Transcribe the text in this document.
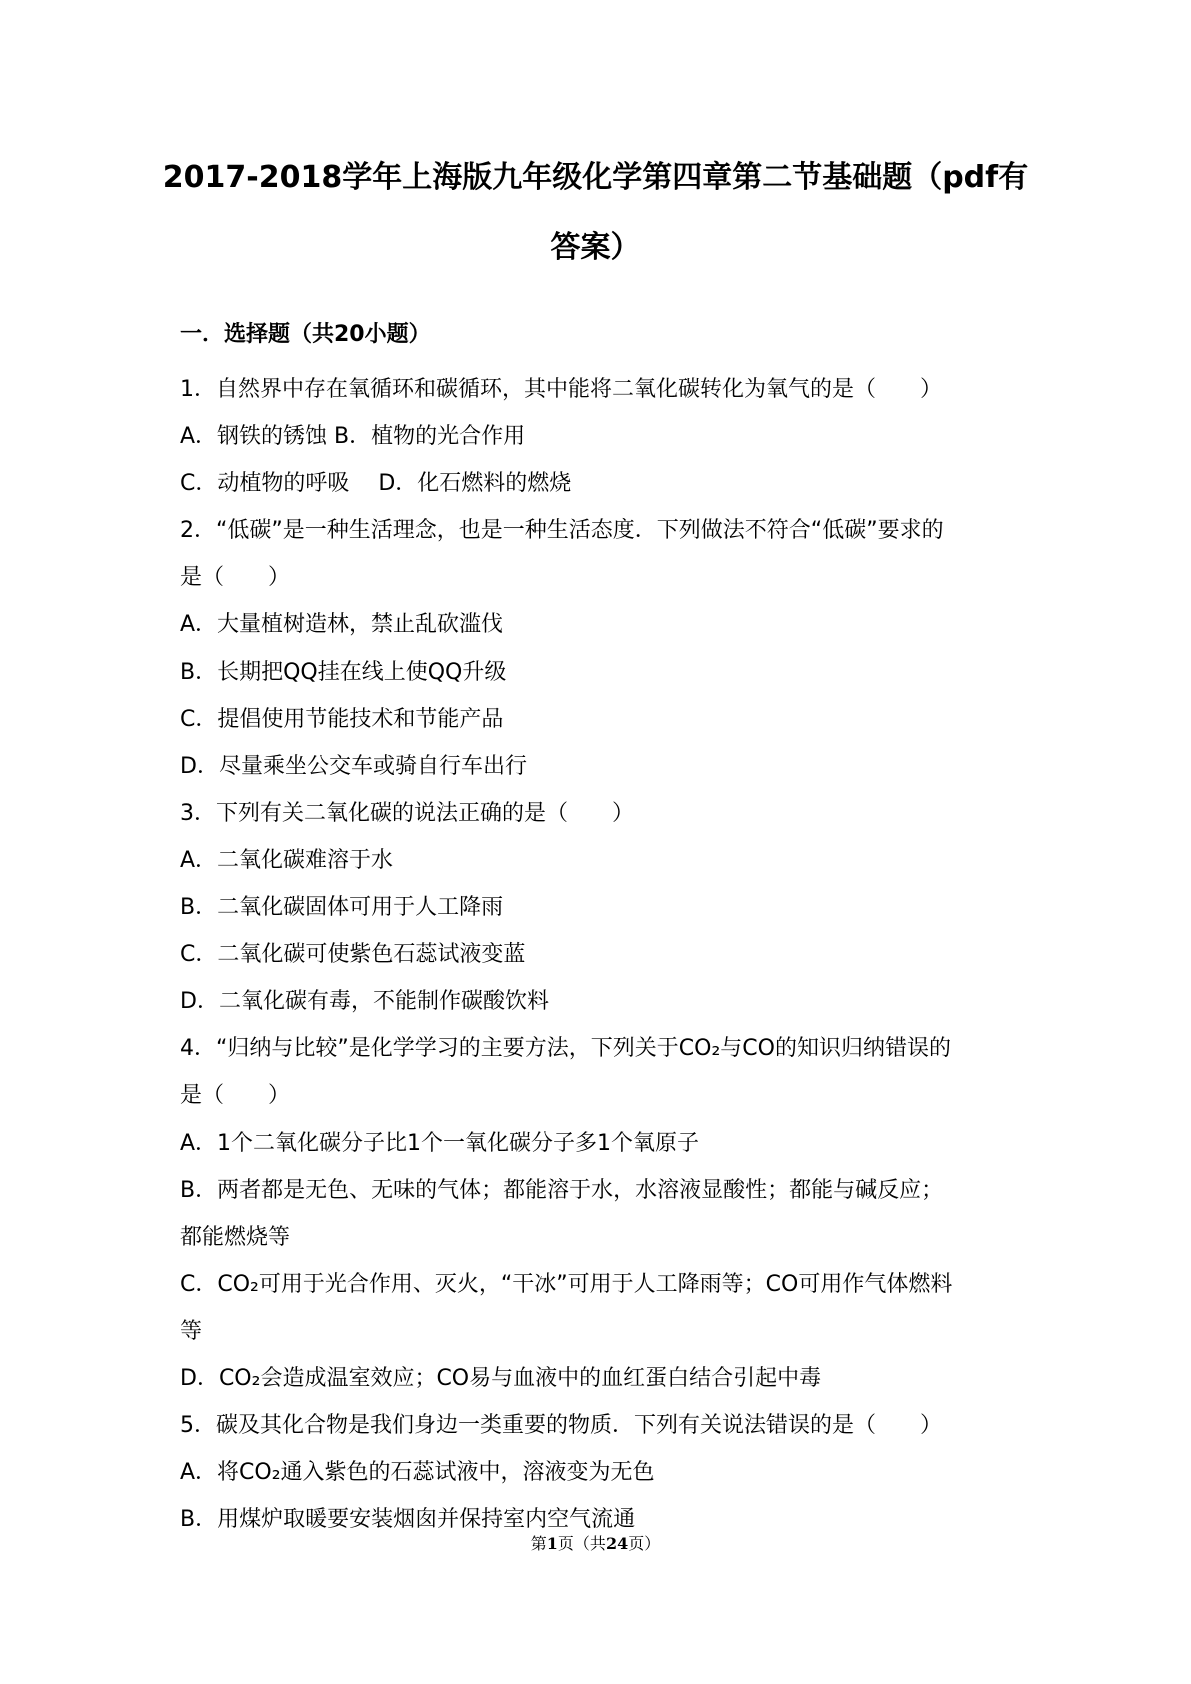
2017-2018学年上海版九年级化学第四章第二节基础题（pdf有
答案）
一．选择题（共20小题）
1．自然界中存在氧循环和碳循环，其中能将二氧化碳转化为氧气的是（　　）
A．钢铁的锈蚀 B．植物的光合作用
C．动植物的呼吸　 D．化石燃料的燃烧
2．“低碳”是一种生活理念，也是一种生活态度．下列做法不符合“低碳”要求的
是（　　）
A．大量植树造林，禁止乱砍滥伐
B．长期把QQ挂在线上使QQ升级
C．提倡使用节能技术和节能产品
D．尽量乘坐公交车或骑自行车出行
3．下列有关二氧化碳的说法正确的是（　　）
A．二氧化碳难溶于水
B．二氧化碳固体可用于人工降雨
C．二氧化碳可使紫色石蕊试液变蓝
D．二氧化碳有毒，不能制作碳酸饮料
4．“归纳与比较”是化学学习的主要方法，下列关于CO₂与CO的知识归纳错误的
是（　　）
A．1个二氧化碳分子比1个一氧化碳分子多1个氧原子
B．两者都是无色、无味的气体；都能溶于水，水溶液显酸性；都能与碱反应；
都能燃烧等
C．CO₂可用于光合作用、灭火，“干冰”可用于人工降雨等；CO可用作气体燃料
等
D．CO₂会造成温室效应；CO易与血液中的血红蛋白结合引起中毒
5．碳及其化合物是我们身边一类重要的物质．下列有关说法错误的是（　　）
A．将CO₂通入紫色的石蕊试液中，溶液变为无色
B．用煤炉取暖要安装烟囱并保持室内空气流通
第1页（共24页）
